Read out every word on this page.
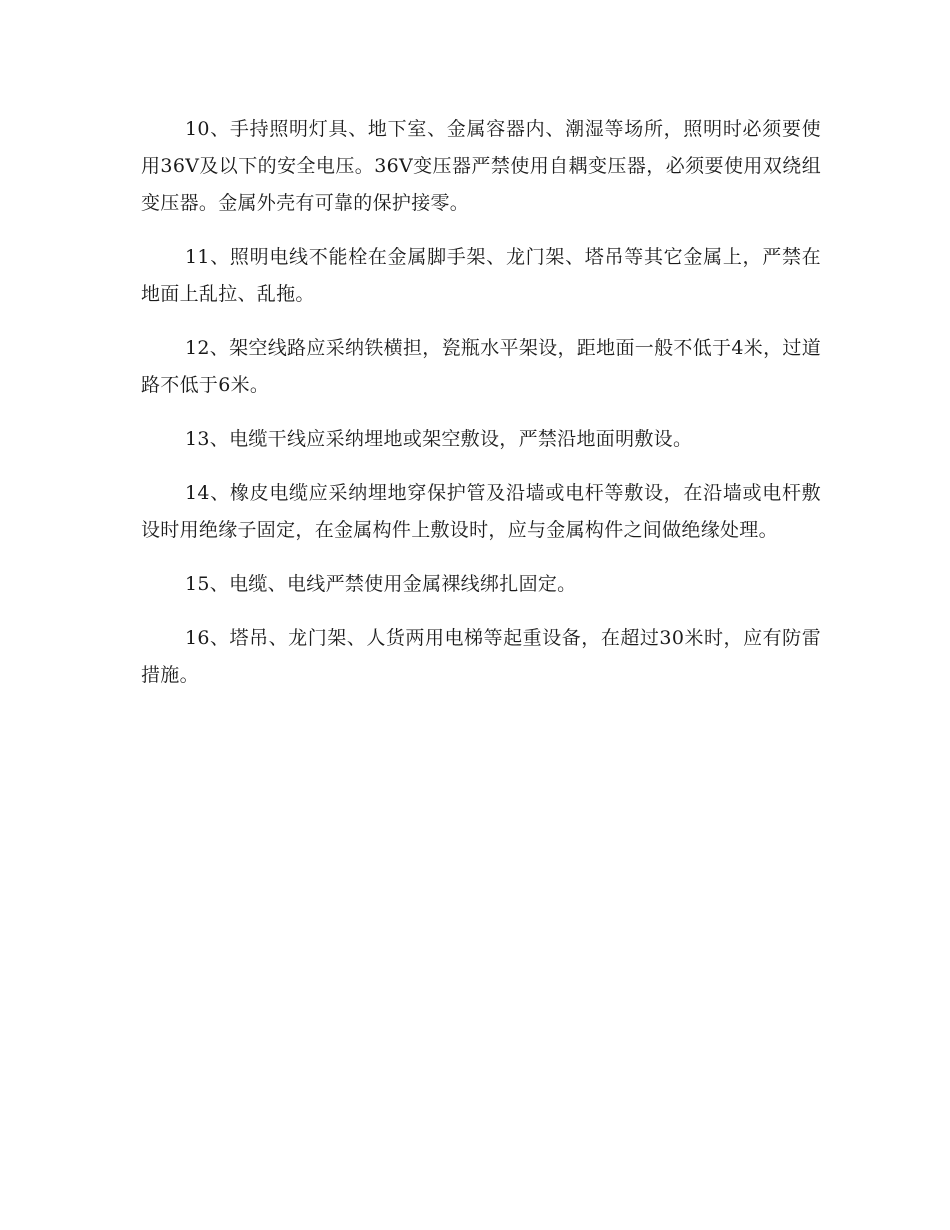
10、手持照明灯具、地下室、金属容器内、潮湿等场所，照明时必须要使用36V及以下的安全电压。36V变压器严禁使用自耦变压器，必须要使用双绕组变压器。金属外壳有可靠的保护接零。

11、照明电线不能栓在金属脚手架、龙门架、塔吊等其它金属上，严禁在地面上乱拉、乱拖。

12、架空线路应采纳铁横担，瓷瓶水平架设，距地面一般不低于4米，过道路不低于6米。

13、电缆干线应采纳埋地或架空敷设，严禁沿地面明敷设。

14、橡皮电缆应采纳埋地穿保护管及沿墙或电杆等敷设，在沿墙或电杆敷设时用绝缘子固定，在金属构件上敷设时，应与金属构件之间做绝缘处理。

15、电缆、电线严禁使用金属裸线绑扎固定。

16、塔吊、龙门架、人货两用电梯等起重设备，在超过30米时，应有防雷措施。
